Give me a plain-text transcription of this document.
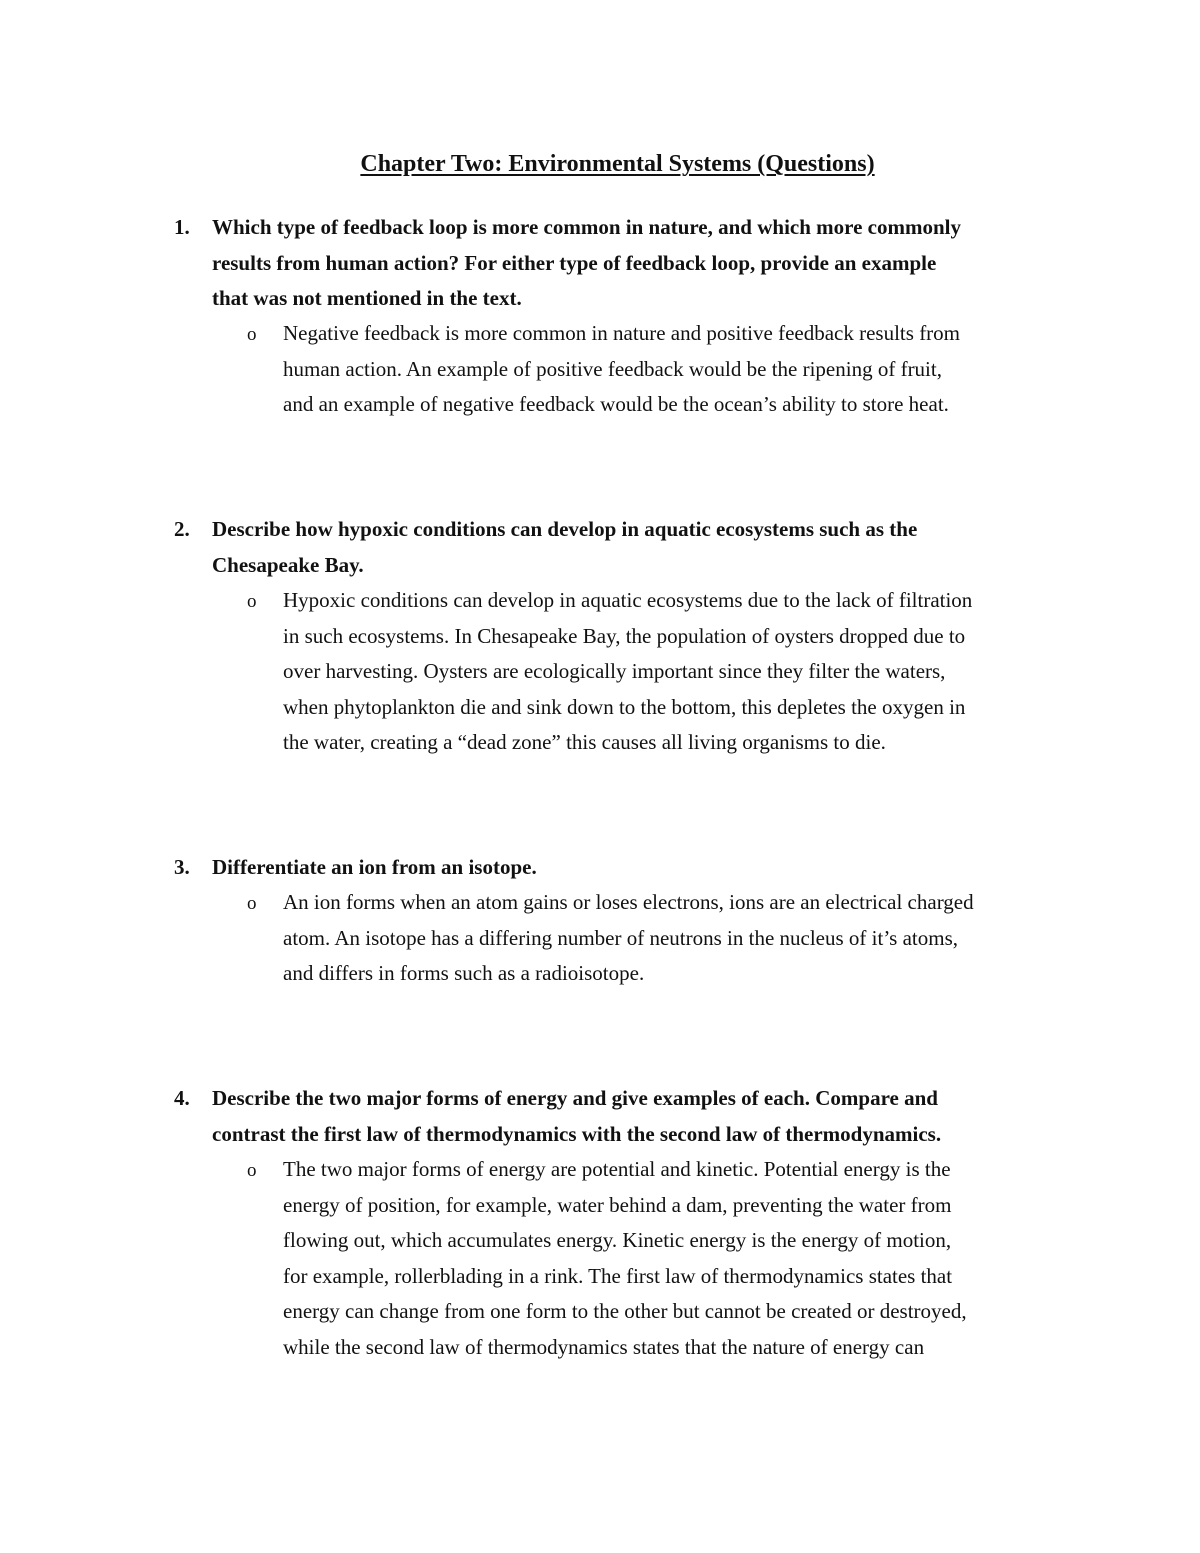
Chapter Two: Environmental Systems (Questions)
1. Which type of feedback loop is more common in nature, and which more commonly
results from human action? For either type of feedback loop, provide an example
that was not mentioned in the text.

o Negative feedback is more common in nature and positive feedback results from
human action. An example of positive feedback would be the ripening of fruit,
and an example of negative feedback would be the ocean’s ability to store heat.

2. Describe how hypoxic conditions can develop in aquatic ecosystems such as the
Chesapeake Bay.

o Hypoxic conditions can develop in aquatic ecosystems due to the lack of filtration
in such ecosystems. In Chesapeake Bay, the population of oysters dropped due to
over harvesting. Oysters are ecologically important since they filter the waters,
when phytoplankton die and sink down to the bottom, this depletes the oxygen in
the water, creating a “dead zone” this causes all living organisms to die.

3. Differentiate an ion from an isotope.

o An ion forms when an atom gains or loses electrons, ions are an electrical charged
atom. An isotope has a differing number of neutrons in the nucleus of it’s atoms,
and differs in forms such as a radioisotope.

4. Describe the two major forms of energy and give examples of each. Compare and
contrast the first law of thermodynamics with the second law of thermodynamics.

o The two major forms of energy are potential and kinetic. Potential energy is the
energy of position, for example, water behind a dam, preventing the water from
flowing out, which accumulates energy. Kinetic energy is the energy of motion,
for example, rollerblading in a rink. The first law of thermodynamics states that
energy can change from one form to the other but cannot be created or destroyed,
while the second law of thermodynamics states that the nature of energy can
